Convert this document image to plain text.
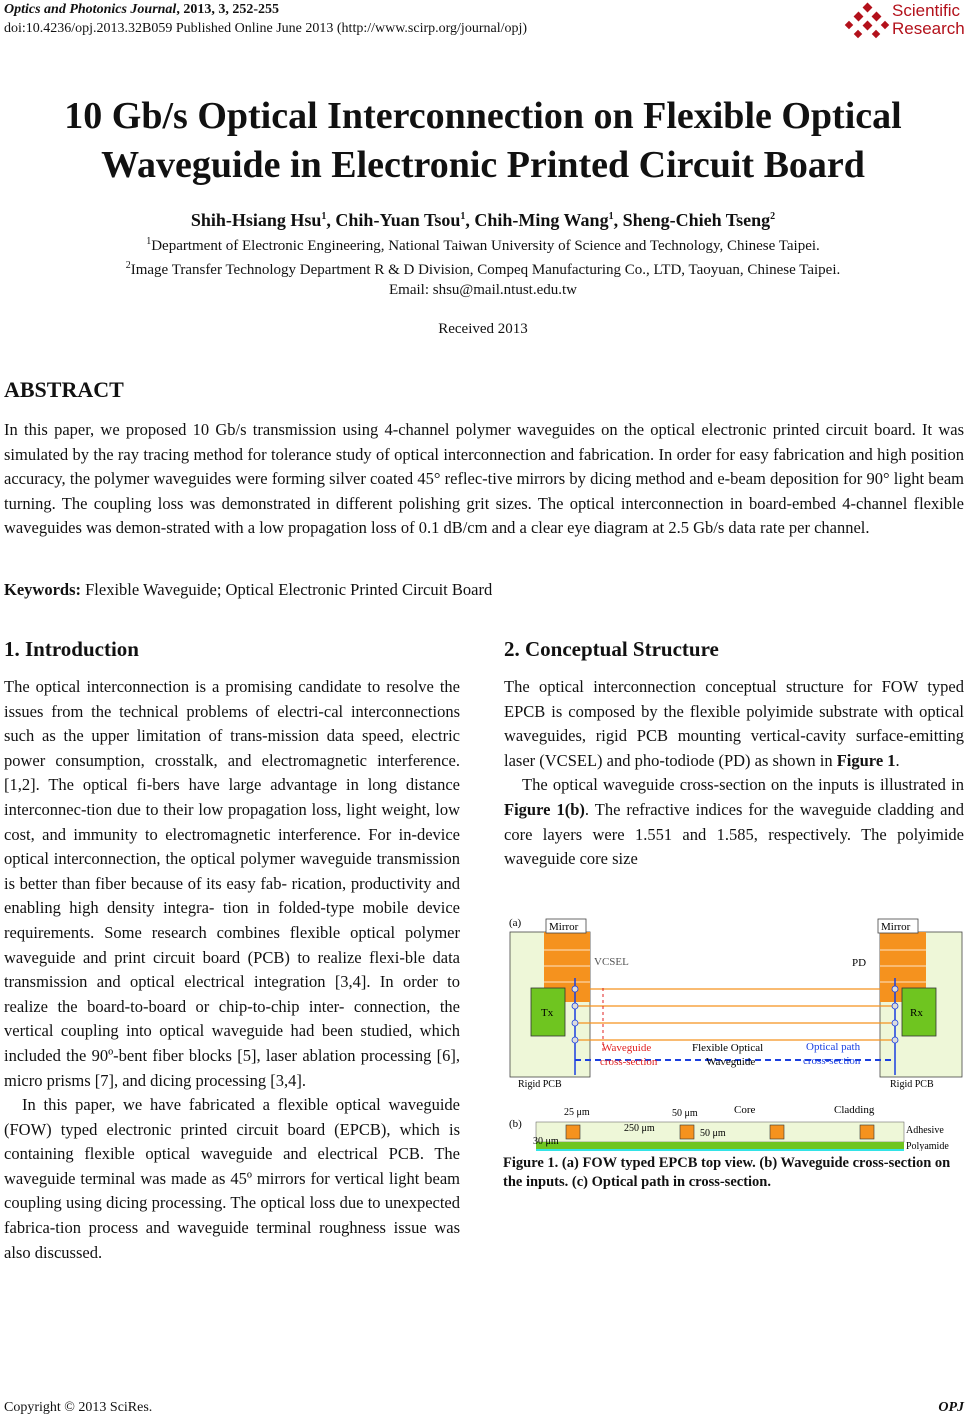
Optics and Photonics Journal, 2013, 3, 252-255
doi:10.4236/opj.2013.32B059 Published Online June 2013 (http://www.scirp.org/journal/opj)
Scientific
Research
10 Gb/s Optical Interconnection on Flexible Optical
Waveguide in Electronic Printed Circuit Board
Shih-Hsiang Hsu$^1$, Chih-Yuan Tsou$^1$, Chih-Ming Wang$^1$, Sheng-Chieh Tseng$^2$
$^1$Department of Electronic Engineering, National Taiwan University of Science and Technology, Chinese Taipei.
$^2$Image Transfer Technology Department R & D Division, Compeq Manufacturing Co., LTD, Taoyuan, Chinese Taipei.
Email: shsu@mail.ntust.edu.tw
Received 2013
ABSTRACT
In this paper, we proposed 10 Gb/s transmission using 4-channel polymer waveguides on the optical electronic printed circuit board. It was simulated by the ray tracing method for tolerance study of optical interconnection and fabrication. In order for easy fabrication and high position accuracy, the polymer waveguides were forming silver coated 45° reflec-tive mirrors by dicing method and e-beam deposition for 90° light beam turning. The coupling loss was demonstrated in different polishing grit sizes. The optical interconnection in board-embed 4-channel flexible waveguides was demon-strated with a low propagation loss of 0.1 dB/cm and a clear eye diagram at 2.5 Gb/s data rate per channel.
Keywords: Flexible Waveguide; Optical Electronic Printed Circuit Board
1. Introduction

The optical interconnection is a promising candidate to resolve the issues from the technical problems of electri-cal interconnections such as the upper limitation of trans-mission data speed, electric power consumption, crosstalk, and electromagnetic interference. [1,2]. The optical fi-bers have large advantage in long distance interconnec-tion due to their low propagation loss, light weight, low cost, and immunity to electromagnetic interference. For in-device optical interconnection, the optical polymer waveguide transmission is better than fiber because of its easy fab- rication, productivity and enabling high density integra- tion in folded-type mobile device requirements. Some research combines flexible optical polymer waveguide and print circuit board (PCB) to realize flexi-ble data transmission and optical electrical integration [3,4]. In order to realize the board-to-board or chip-to-chip inter- connection, the vertical coupling into optical waveguide had been studied, which included the 90º-bent fiber blocks [5], laser ablation processing [6], micro prisms [7], and dicing processing [3,4].

In this paper, we have fabricated a flexible optical waveguide (FOW) typed electronic printed circuit board (EPCB), which is containing flexible optical waveguide and electrical PCB. The waveguide terminal was made as 45º mirrors for vertical light beam coupling using dicing processing. The optical loss due to unexpected fabrica-tion process and waveguide terminal roughness issue was also discussed.

2. Conceptual Structure

The optical interconnection conceptual structure for FOW typed EPCB is composed by the flexible polyimide substrate with optical waveguides, rigid PCB mounting vertical-cavity surface-emitting laser (VCSEL) and pho-todiode (PD) as shown in Figure 1.

The optical waveguide cross-section on the inputs is illustrated in Figure 1(b). The refractive indices for the waveguide cladding and core layers were 1.551 and 1.585, respectively. The polyimide waveguide core size

(a)	Mirror	Mirror
VCSEL	PD
Tx	Rx
Waveguide
cross-section
Flexible Optical
Waveguide
Optical path
cross-section
Rigid PCB	Rigid PCB
(b)
25 μm	50 μm
250 μm	50 μm
30 μm
Core	Cladding
Adhesive
Polyamide
Figure 1. (a) FOW typed EPCB top view. (b) Waveguide cross-section on the inputs. (c) Optical path in cross-section.
Copyright © 2013 SciRes.	OPJ
